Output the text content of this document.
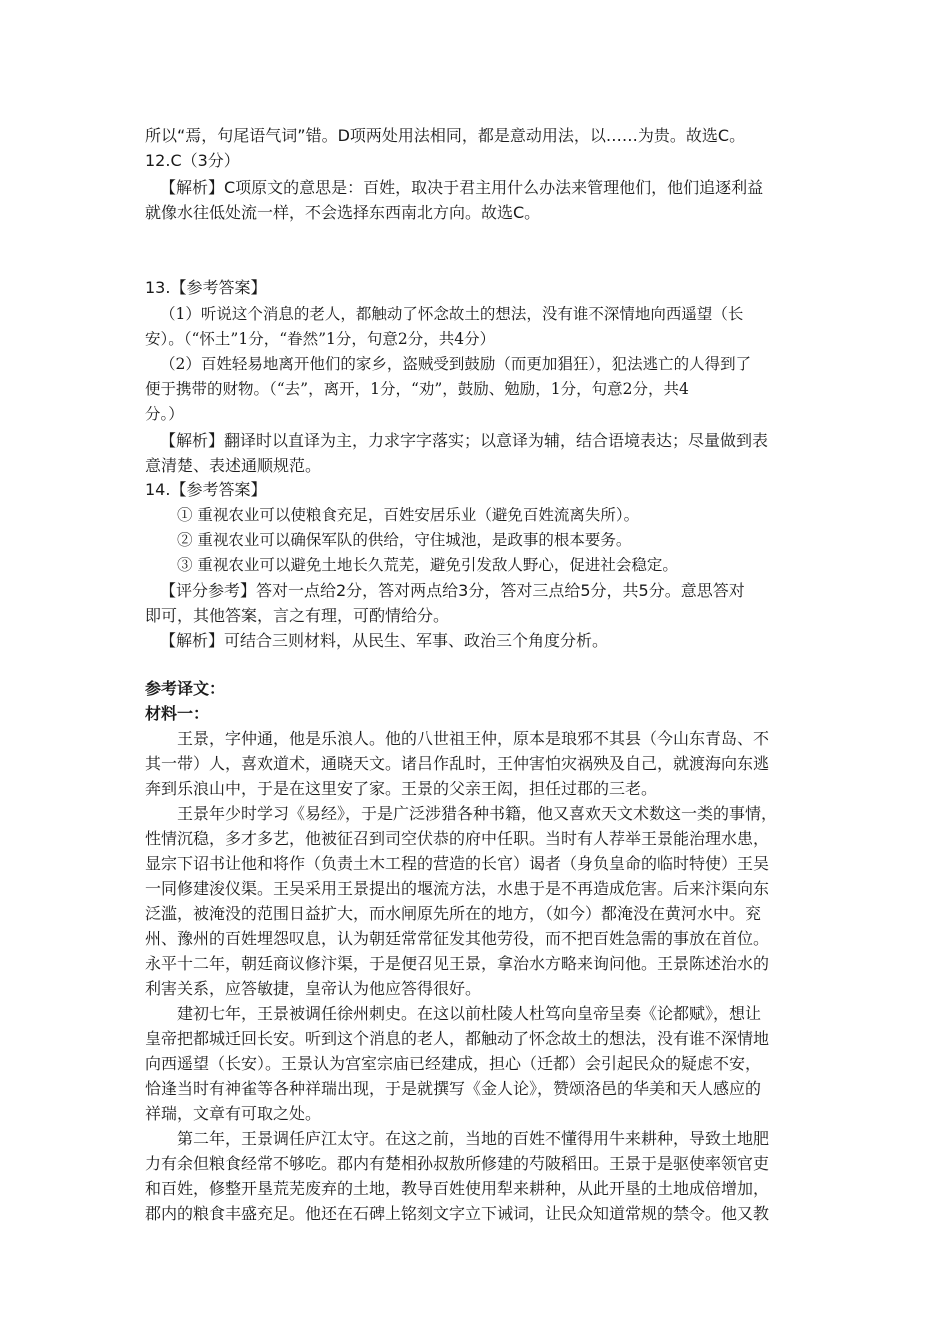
所以“焉，句尾语气词”错。D项两处用法相同，都是意动用法，以……为贵。故选C。
12.C（3分）
【解析】C项原文的意思是：百姓，取决于君主用什么办法来管理他们，他们追逐利益
就像水往低处流一样，不会选择东西南北方向。故选C。
13.【参考答案】
（1）听说这个消息的老人，都触动了怀念故土的想法，没有谁不深情地向西遥望（长
安）。（“怀土”1分，“眷然”1分，句意2分，共4分）
（2）百姓轻易地离开他们的家乡，盗贼受到鼓励（而更加猖狂），犯法逃亡的人得到了
便于携带的财物。（“去”，离开，1分，“劝”，鼓励、勉励，1分，句意2分，共4
分。）
【解析】翻译时以直译为主，力求字字落实；以意译为辅，结合语境表达；尽量做到表
意清楚、表述通顺规范。
14.【参考答案】
① 重视农业可以使粮食充足，百姓安居乐业（避免百姓流离失所）。
② 重视农业可以确保军队的供给，守住城池，是政事的根本要务。
③ 重视农业可以避免土地长久荒芜，避免引发敌人野心，促进社会稳定。
【评分参考】答对一点给2分，答对两点给3分，答对三点给5分，共5分。意思答对
即可，其他答案，言之有理，可酌情给分。
【解析】可结合三则材料，从民生、军事、政治三个角度分析。
参考译文：
材料一：
王景，字仲通，他是乐浪人。他的八世祖王仲，原本是琅邪不其县（今山东青岛、不
其一带）人，喜欢道术，通晓天文。诸吕作乱时，王仲害怕灾祸殃及自己，就渡海向东逃
奔到乐浪山中，于是在这里安了家。王景的父亲王闳，担任过郡的三老。
王景年少时学习《易经》，于是广泛涉猎各种书籍，他又喜欢天文术数这一类的事情，
性情沉稳，多才多艺，他被征召到司空伏恭的府中任职。当时有人荐举王景能治理水患，
显宗下诏书让他和将作（负责土木工程的营造的长官）谒者（身负皇命的临时特使）王吴
一同修建浚仪渠。王吴采用王景提出的堰流方法，水患于是不再造成危害。后来汴渠向东
泛滥，被淹没的范围日益扩大，而水闸原先所在的地方，（如今）都淹没在黄河水中。兖
州、豫州的百姓埋怨叹息，认为朝廷常常征发其他劳役，而不把百姓急需的事放在首位。
永平十二年，朝廷商议修汴渠，于是便召见王景，拿治水方略来询问他。王景陈述治水的
利害关系，应答敏捷，皇帝认为他应答得很好。
建初七年，王景被调任徐州刺史。在这以前杜陵人杜笃向皇帝呈奏《论都赋》，想让
皇帝把都城迁回长安。听到这个消息的老人，都触动了怀念故土的想法，没有谁不深情地
向西遥望（长安）。王景认为宫室宗庙已经建成，担心（迁都）会引起民众的疑虑不安，
恰逢当时有神雀等各种祥瑞出现，于是就撰写《金人论》，赞颂洛邑的华美和天人感应的
祥瑞，文章有可取之处。
第二年，王景调任庐江太守。在这之前，当地的百姓不懂得用牛来耕种，导致土地肥
力有余但粮食经常不够吃。郡内有楚相孙叔敖所修建的芍陂稻田。王景于是驱使率领官吏
和百姓，修整开垦荒芜废弃的土地，教导百姓使用犁来耕种，从此开垦的土地成倍增加，
郡内的粮食丰盛充足。他还在石碑上铭刻文字立下诫词，让民众知道常规的禁令。他又教
